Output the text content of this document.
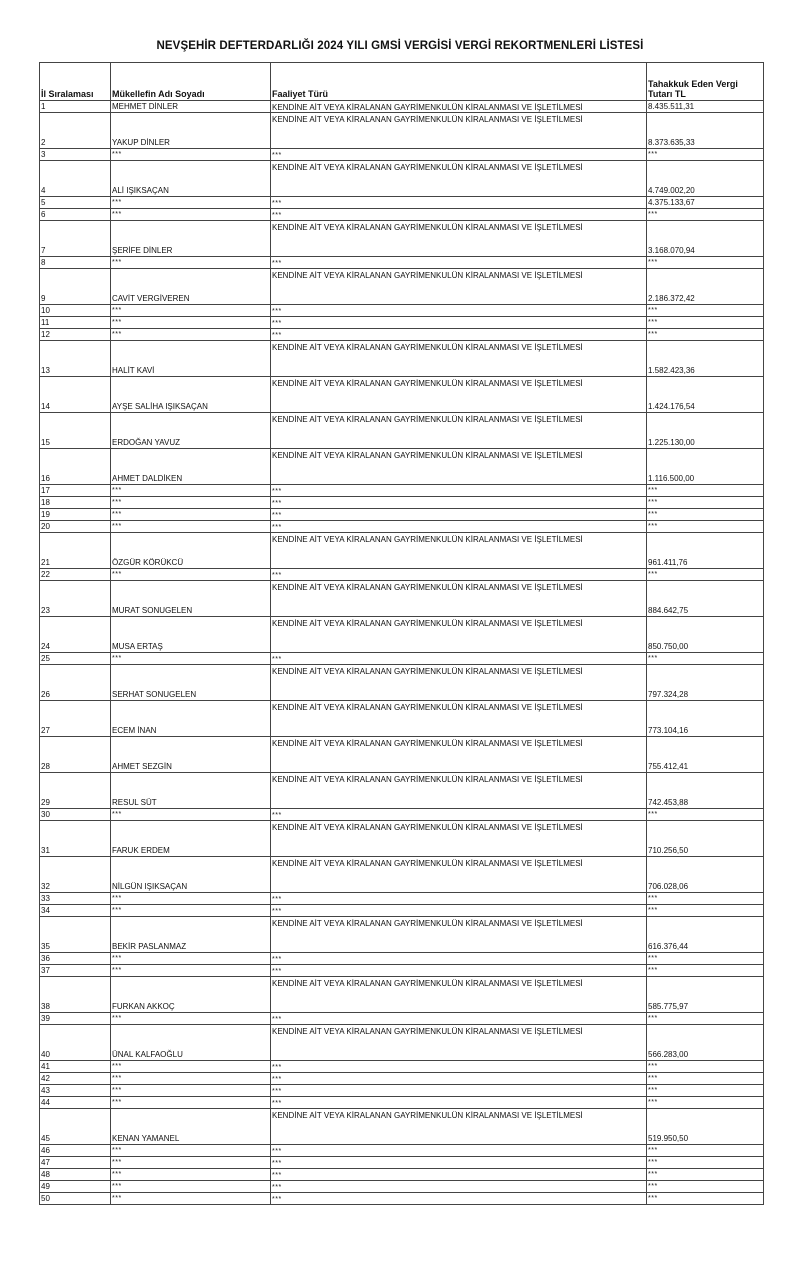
NEVŞEHİR DEFTERDARLIĞI 2024 YILI GMSİ VERGİSİ VERGİ REKORTMENLERİ LİSTESİ
İl Sıralaması	Mükellefin Adı Soyadı	Faaliyet Türü	Tahakkuk Eden Vergi Tutarı TL
1	MEHMET DİNLER	KENDİNE AİT VEYA KİRALANAN GAYRİMENKULÜN KİRALANMASI VE İŞLETİLMESİ	8.435.511,31
2	YAKUP DİNLER	KENDİNE AİT VEYA KİRALANAN GAYRİMENKULÜN KİRALANMASI VE İŞLETİLMESİ	8.373.635,33
3	***	***	***
4	ALİ IŞIKSAÇAN	KENDİNE AİT VEYA KİRALANAN GAYRİMENKULÜN KİRALANMASI VE İŞLETİLMESİ	4.749.002,20
5	***	***	4.375.133,67
6	***	***	***
7	ŞERİFE DİNLER	KENDİNE AİT VEYA KİRALANAN GAYRİMENKULÜN KİRALANMASI VE İŞLETİLMESİ	3.168.070,94
8	***	***	***
9	CAVİT VERGİVEREN	KENDİNE AİT VEYA KİRALANAN GAYRİMENKULÜN KİRALANMASI VE İŞLETİLMESİ	2.186.372,42
10	***	***	***
11	***	***	***
12	***	***	***
13	HALİT KAVİ	KENDİNE AİT VEYA KİRALANAN GAYRİMENKULÜN KİRALANMASI VE İŞLETİLMESİ	1.582.423,36
14	AYŞE SALİHA IŞIKSAÇAN	KENDİNE AİT VEYA KİRALANAN GAYRİMENKULÜN KİRALANMASI VE İŞLETİLMESİ	1.424.176,54
15	ERDOĞAN YAVUZ	KENDİNE AİT VEYA KİRALANAN GAYRİMENKULÜN KİRALANMASI VE İŞLETİLMESİ	1.225.130,00
16	AHMET DALDİKEN	KENDİNE AİT VEYA KİRALANAN GAYRİMENKULÜN KİRALANMASI VE İŞLETİLMESİ	1.116.500,00
17	***	***	***
18	***	***	***
19	***	***	***
20	***	***	***
21	ÖZGÜR KÖRÜKCÜ	KENDİNE AİT VEYA KİRALANAN GAYRİMENKULÜN KİRALANMASI VE İŞLETİLMESİ	961.411,76
22	***	***	***
23	MURAT SONUGELEN	KENDİNE AİT VEYA KİRALANAN GAYRİMENKULÜN KİRALANMASI VE İŞLETİLMESİ	884.642,75
24	MUSA ERTAŞ	KENDİNE AİT VEYA KİRALANAN GAYRİMENKULÜN KİRALANMASI VE İŞLETİLMESİ	850.750,00
25	***	***	***
26	SERHAT SONUGELEN	KENDİNE AİT VEYA KİRALANAN GAYRİMENKULÜN KİRALANMASI VE İŞLETİLMESİ	797.324,28
27	ECEM İNAN	KENDİNE AİT VEYA KİRALANAN GAYRİMENKULÜN KİRALANMASI VE İŞLETİLMESİ	773.104,16
28	AHMET SEZGİN	KENDİNE AİT VEYA KİRALANAN GAYRİMENKULÜN KİRALANMASI VE İŞLETİLMESİ	755.412,41
29	RESUL SÜT	KENDİNE AİT VEYA KİRALANAN GAYRİMENKULÜN KİRALANMASI VE İŞLETİLMESİ	742.453,88
30	***	***	***
31	FARUK ERDEM	KENDİNE AİT VEYA KİRALANAN GAYRİMENKULÜN KİRALANMASI VE İŞLETİLMESİ	710.256,50
32	NİLGÜN IŞIKSAÇAN	KENDİNE AİT VEYA KİRALANAN GAYRİMENKULÜN KİRALANMASI VE İŞLETİLMESİ	706.028,06
33	***	***	***
34	***	***	***
35	BEKİR PASLANMAZ	KENDİNE AİT VEYA KİRALANAN GAYRİMENKULÜN KİRALANMASI VE İŞLETİLMESİ	616.376,44
36	***	***	***
37	***	***	***
38	FURKAN AKKOÇ	KENDİNE AİT VEYA KİRALANAN GAYRİMENKULÜN KİRALANMASI VE İŞLETİLMESİ	585.775,97
39	***	***	***
40	ÜNAL KALFAOĞLU	KENDİNE AİT VEYA KİRALANAN GAYRİMENKULÜN KİRALANMASI VE İŞLETİLMESİ	566.283,00
41	***	***	***
42	***	***	***
43	***	***	***
44	***	***	***
45	KENAN YAMANEL	KENDİNE AİT VEYA KİRALANAN GAYRİMENKULÜN KİRALANMASI VE İŞLETİLMESİ	519.950,50
46	***	***	***
47	***	***	***
48	***	***	***
49	***	***	***
50	***	***	***
